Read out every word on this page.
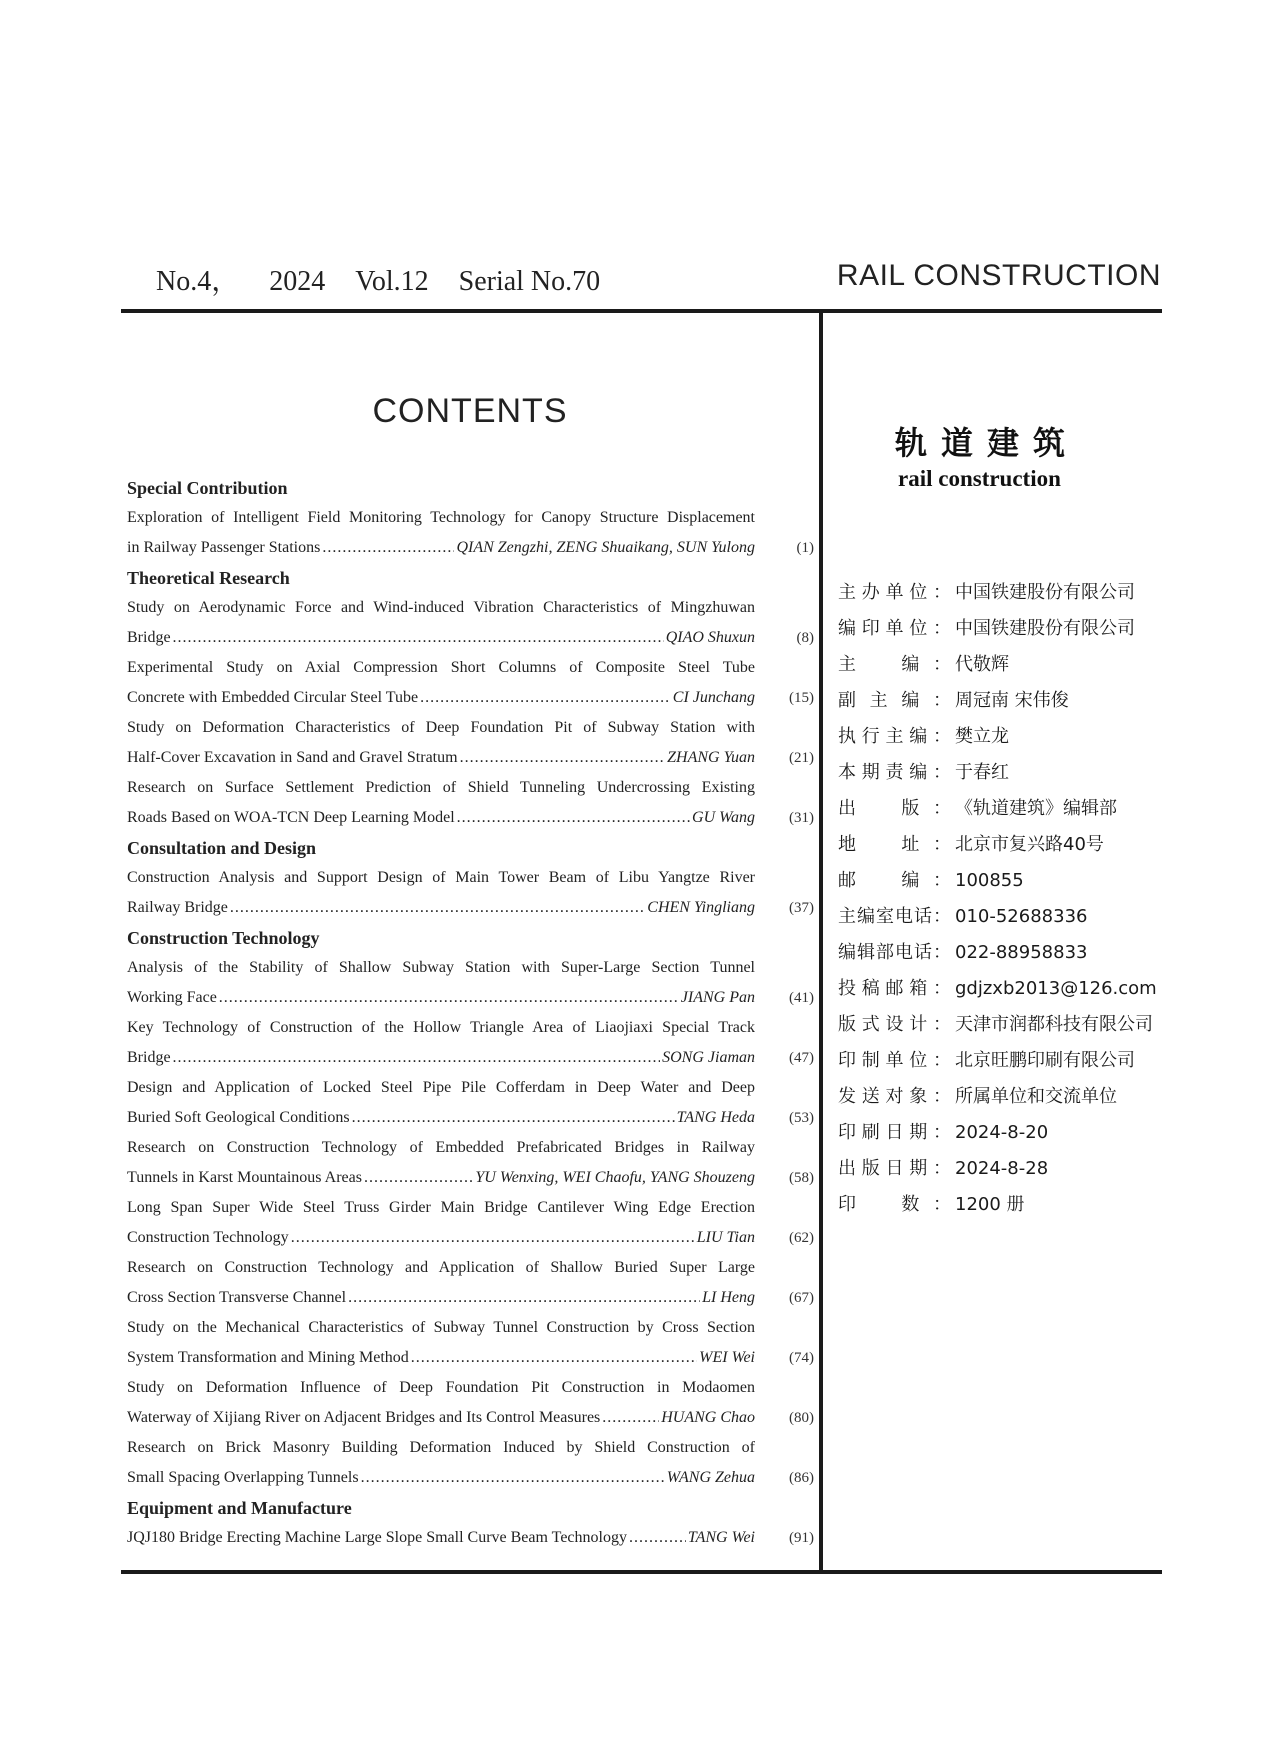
No.4， 2024 Vol.12 Serial No.70	RAIL CONSTRUCTION
CONTENTS
Special Contribution
Exploration of Intelligent Field Monitoring Technology for Canopy Structure Displacement
in Railway Passenger Stations .....	QIAN Zengzhi, ZENG Shuaikang, SUN Yulong	(1)
Theoretical Research
Study on Aerodynamic Force and Wind-induced Vibration Characteristics of Mingzhuwan
Bridge .....	QIAO Shuxun	(8)
Experimental Study on Axial Compression Short Columns of Composite Steel Tube
Concrete with Embedded Circular Steel Tube .....	CI Junchang	(15)
Study on Deformation Characteristics of Deep Foundation Pit of Subway Station with
Half-Cover Excavation in Sand and Gravel Stratum .....	ZHANG Yuan	(21)
Research on Surface Settlement Prediction of Shield Tunneling Undercrossing Existing
Roads Based on WOA-TCN Deep Learning Model .....	GU Wang	(31)
Consultation and Design
Construction Analysis and Support Design of Main Tower Beam of Libu Yangtze River
Railway Bridge .....	CHEN Yingliang	(37)
Construction Technology
Analysis of the Stability of Shallow Subway Station with Super-Large Section Tunnel
Working Face .....	JIANG Pan	(41)
Key Technology of Construction of the Hollow Triangle Area of Liaojiaxi Special Track
Bridge .....	SONG Jiaman	(47)
Design and Application of Locked Steel Pipe Pile Cofferdam in Deep Water and Deep
Buried Soft Geological Conditions .....	TANG Heda	(53)
Research on Construction Technology of Embedded Prefabricated Bridges in Railway
Tunnels in Karst Mountainous Areas .....	YU Wenxing, WEI Chaofu, YANG Shouzeng	(58)
Long Span Super Wide Steel Truss Girder Main Bridge Cantilever Wing Edge Erection
Construction Technology .....	LIU Tian	(62)
Research on Construction Technology and Application of Shallow Buried Super Large
Cross Section Transverse Channel .....	LI Heng	(67)
Study on the Mechanical Characteristics of Subway Tunnel Construction by Cross Section
System Transformation and Mining Method .....	WEI Wei	(74)
Study on Deformation Influence of Deep Foundation Pit Construction in Modaomen
Waterway of Xijiang River on Adjacent Bridges and Its Control Measures .....	HUANG Chao	(80)
Research on Brick Masonry Building Deformation Induced by Shield Construction of
Small Spacing Overlapping Tunnels .....	WANG Zehua	(86)
Equipment and Manufacture
JQJ180 Bridge Erecting Machine Large Slope Small Curve Beam Technology .....	TANG Wei	(91)
轨道建筑
rail construction
主办单位： 中国铁建股份有限公司
编印单位： 中国铁建股份有限公司
主　编： 代敬辉
副主编： 周冠南 宋伟俊
执行主编： 樊立龙
本期责编： 于春红
出　版： 《轨道建筑》编辑部
地　址： 北京市复兴路40号
邮　编： 100855
主编室电话： 010-52688336
编辑部电话： 022-88958833
投稿邮箱： gdjzxb2013@126.com
版式设计： 天津市润都科技有限公司
印制单位： 北京旺鹏印刷有限公司
发送对象： 所属单位和交流单位
印刷日期： 2024-8-20
出版日期： 2024-8-28
印　数： 1200 册
